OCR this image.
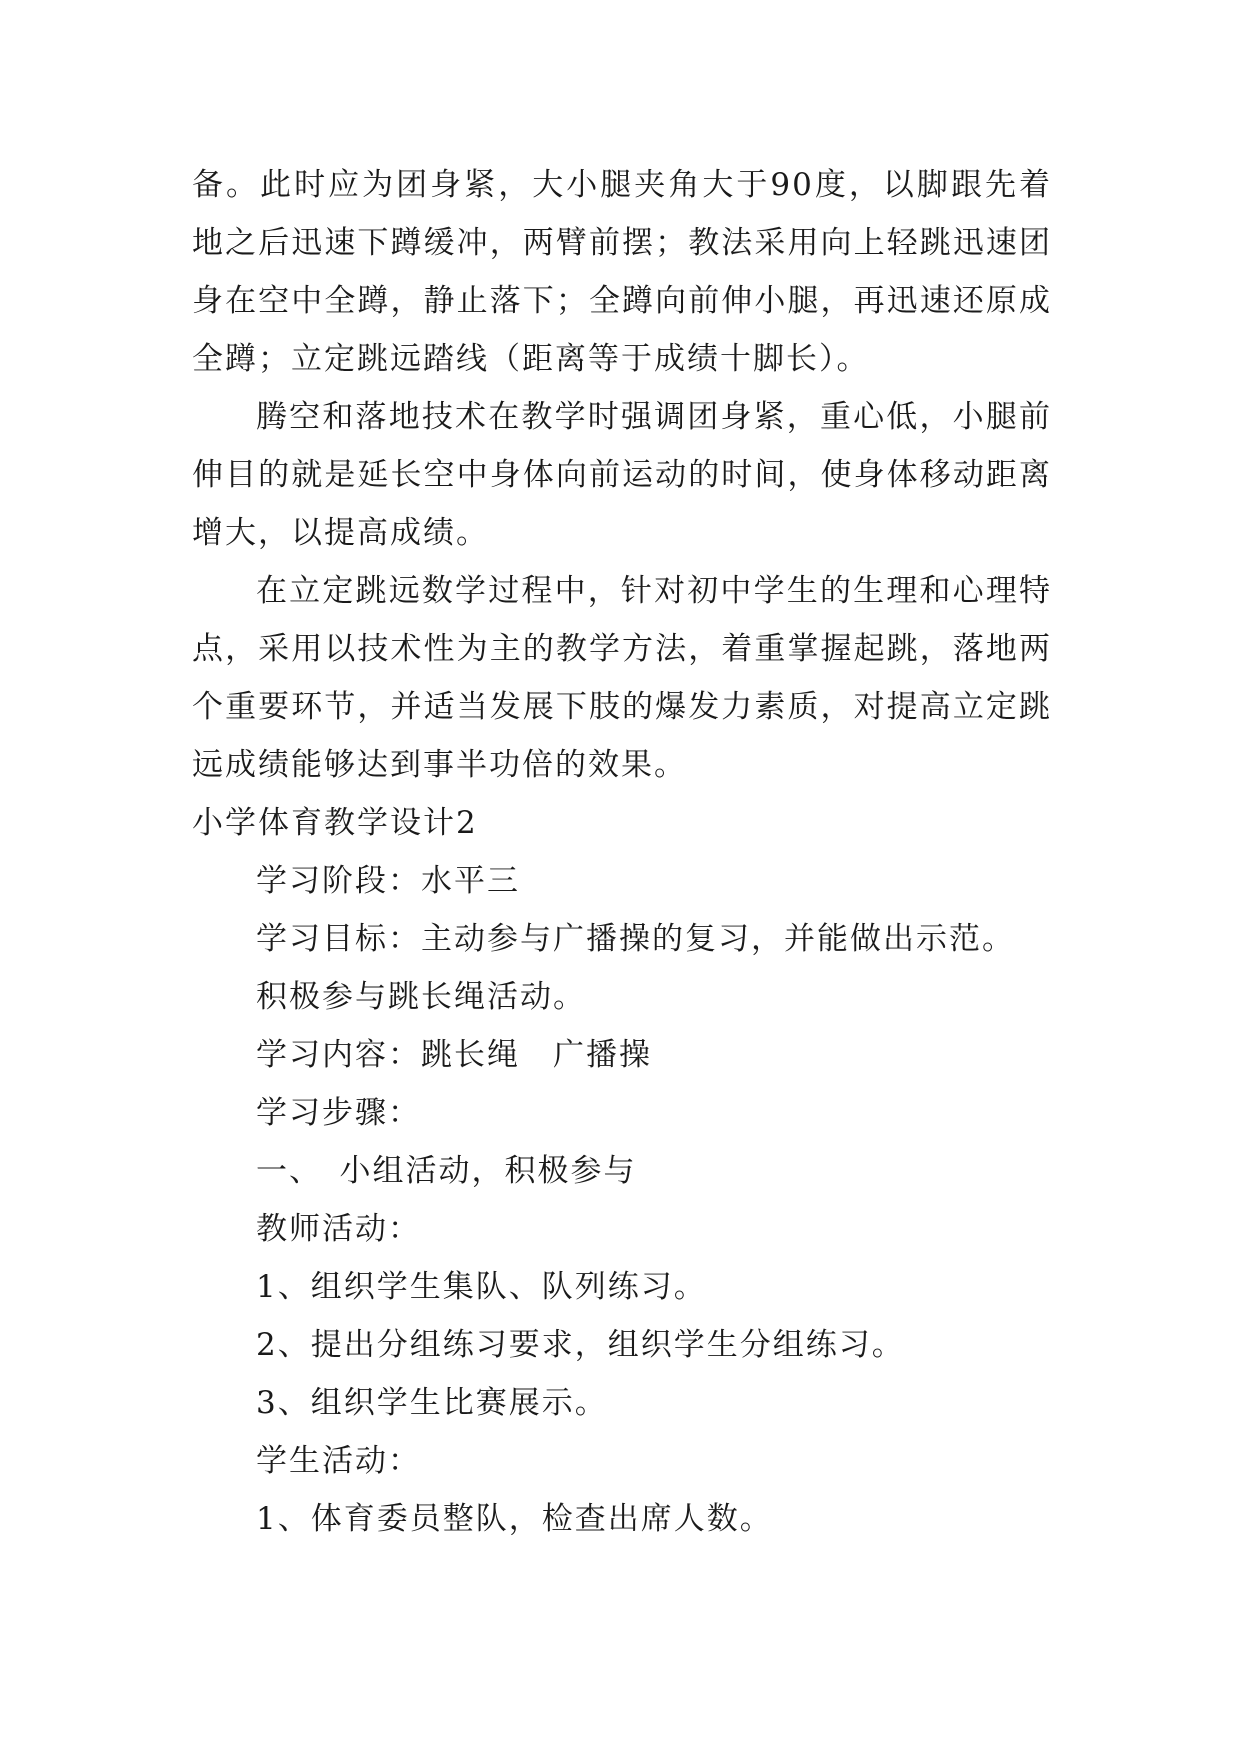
备。此时应为团身紧，大小腿夹角大于90度，以脚跟先着地之后迅速下蹲缓冲，两臂前摆；教法采用向上轻跳迅速团身在空中全蹲，静止落下；全蹲向前伸小腿，再迅速还原成全蹲；立定跳远踏线（距离等于成绩十脚长）。

腾空和落地技术在教学时强调团身紧，重心低，小腿前伸目的就是延长空中身体向前运动的时间，使身体移动距离增大，以提高成绩。

在立定跳远数学过程中，针对初中学生的生理和心理特点，采用以技术性为主的教学方法，着重掌握起跳，落地两个重要环节，并适当发展下肢的爆发力素质，对提高立定跳远成绩能够达到事半功倍的效果。

小学体育教学设计2

学习阶段：水平三

学习目标：主动参与广播操的复习，并能做出示范。

积极参与跳长绳活动。

学习内容：跳长绳　广播操

学习步骤：

一、　小组活动，积极参与

教师活动：

1、组织学生集队、队列练习。

2、提出分组练习要求，组织学生分组练习。

3、组织学生比赛展示。

学生活动：

1、体育委员整队，检查出席人数。
